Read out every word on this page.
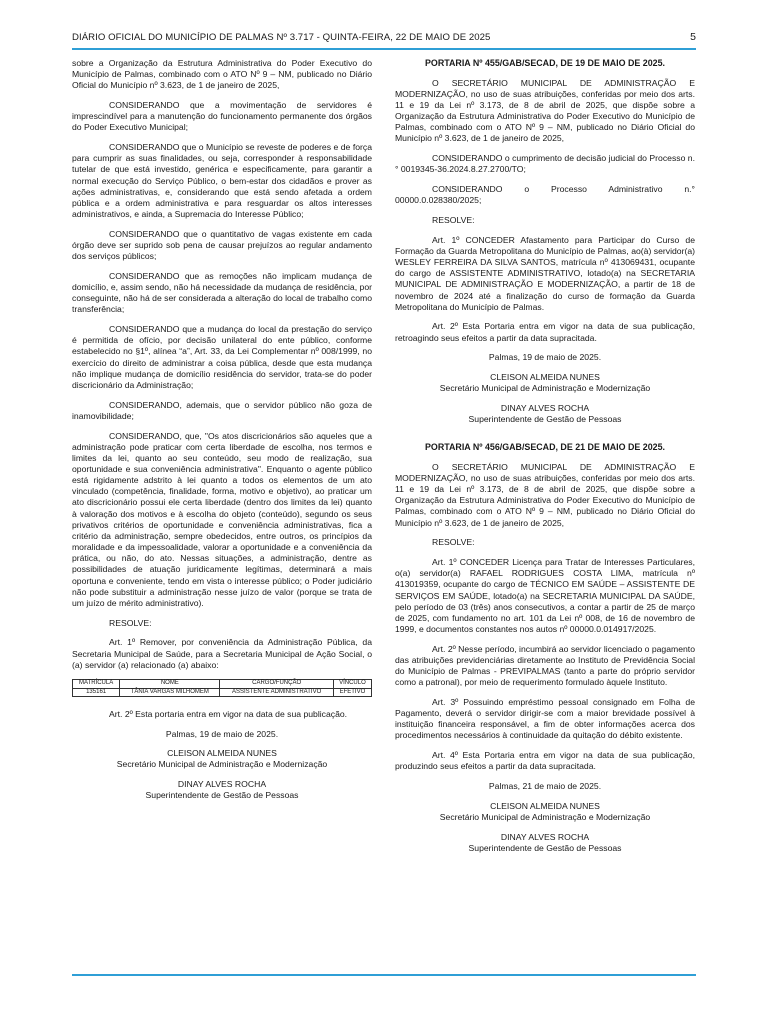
DIÁRIO OFICIAL DO MUNICÍPIO DE PALMAS Nº 3.717 - QUINTA-FEIRA, 22 DE MAIO DE 2025	5

sobre a Organização da Estrutura Administrativa do Poder Executivo do Município de Palmas, combinado com o ATO Nº 9 – NM, publicado no Diário Oficial do Município nº 3.623, de 1 de janeiro de 2025,

CONSIDERANDO que a movimentação de servidores é imprescindível para a manutenção do funcionamento permanente dos órgãos do Poder Executivo Municipal;

CONSIDERANDO que o Município se reveste de poderes e de força para cumprir as suas finalidades, ou seja, corresponder à responsabilidade tutelar de que está investido, genérica e especificamente, para garantir a normal execução do Serviço Público, o bem-estar dos cidadãos e prover as ações administrativas, e, considerando que está sendo afetada a ordem pública e a ordem administrativa e para resguardar os altos interesses administrativos, e ainda, a Supremacia do Interesse Público;

CONSIDERANDO que o quantitativo de vagas existente em cada órgão deve ser suprido sob pena de causar prejuízos ao regular andamento dos serviços públicos;

CONSIDERANDO que as remoções não implicam mudança de domicílio, e, assim sendo, não há necessidade da mudança de residência, por conseguinte, não há de ser considerada a alteração do local de trabalho como transferência;

CONSIDERANDO que a mudança do local da prestação do serviço é permitida de ofício, por decisão unilateral do ente público, conforme estabelecido no §1º, alínea “a”, Art. 33, da Lei Complementar nº 008/1999, no exercício do direito de administrar a coisa pública, desde que esta mudança não implique mudança de domicílio residência do servidor, trata-se do poder discricionário da Administração;

CONSIDERANDO, ademais, que o servidor público não goza de inamovibilidade;

CONSIDERANDO, que, "Os atos discricionários são aqueles que a administração pode praticar com certa liberdade de escolha, nos termos e limites da lei, quanto ao seu conteúdo, seu modo de realização, sua oportunidade e sua conveniência administrativa". Enquanto o agente público está rigidamente adstrito à lei quanto a todos os elementos de um ato vinculado (competência, finalidade, forma, motivo e objetivo), ao praticar um ato discricionário possui ele certa liberdade (dentro dos limites da lei) quanto à valoração dos motivos e à escolha do objeto (conteúdo), segundo os seus privativos critérios de oportunidade e conveniência administrativas, fica a critério da administração, sempre obedecidos, entre outros, os princípios da moralidade e da impessoalidade, valorar a oportunidade e a conveniência da prática, ou não, do ato. Nessas situações, a administração, dentre as possibilidades de atuação juridicamente legítimas, determinará a mais oportuna e conveniente, tendo em vista o interesse público; o Poder judiciário não pode substituir a administração nesse juízo de valor (porque se trata de um juízo de mérito administrativo).

RESOLVE:

Art. 1º Remover, por conveniência da Administração Pública, da Secretaria Municipal de Saúde, para a Secretaria Municipal de Ação Social, o (a) servidor (a) relacionado (a) abaixo:

MATRÍCULA	NOME	CARGO/FUNÇÃO	VÍNCULO
135161	TÂNIA VARGAS MILHOMEM	ASSISTENTE ADMINISTRATIVO	EFETIVO

Art. 2º Esta portaria entra em vigor na data de sua publicação.

Palmas, 19 de maio de 2025.

CLEISON ALMEIDA NUNES
Secretário Municipal de Administração e Modernização

DINAY ALVES ROCHA
Superintendente de Gestão de Pessoas

PORTARIA Nº 455/GAB/SECAD, DE 19 DE MAIO DE 2025.

O SECRETÁRIO MUNICIPAL DE ADMINISTRAÇÃO E MODERNIZAÇÃO, no uso de suas atribuições, conferidas por meio dos arts. 11 e 19 da Lei nº 3.173, de 8 de abril de 2025, que dispõe sobre a Organização da Estrutura Administrativa do Poder Executivo do Município de Palmas, combinado com o ATO Nº 9 – NM, publicado no Diário Oficial do Município nº 3.623, de 1 de janeiro de 2025,

CONSIDERANDO o cumprimento de decisão judicial do Processo n.° 0019345-36.2024.8.27.2700/TO;

CONSIDERANDO o Processo Administrativo n.° 00000.0.028380/2025;

RESOLVE:

Art. 1º CONCEDER Afastamento para Participar do Curso de Formação da Guarda Metropolitana do Município de Palmas, ao(à) servidor(a) WESLEY FERREIRA DA SILVA SANTOS, matrícula nº 413069431, ocupante do cargo de ASSISTENTE ADMINISTRATIVO, lotado(a) na SECRETARIA MUNICIPAL DE ADMINISTRAÇÃO E MODERNIZAÇÃO, a partir de 18 de novembro de 2024 até a finalização do curso de formação da Guarda Metropolitana do Município de Palmas.

Art. 2º Esta Portaria entra em vigor na data de sua publicação, retroagindo seus efeitos a partir da data supracitada.

Palmas, 19 de maio de 2025.

CLEISON ALMEIDA NUNES
Secretário Municipal de Administração e Modernização

DINAY ALVES ROCHA
Superintendente de Gestão de Pessoas

PORTARIA Nº 456/GAB/SECAD, DE 21 DE MAIO DE 2025.

O SECRETÁRIO MUNICIPAL DE ADMINISTRAÇÃO E MODERNIZAÇÃO, no uso de suas atribuições, conferidas por meio dos arts. 11 e 19 da Lei nº 3.173, de 8 de abril de 2025, que dispõe sobre a Organização da Estrutura Administrativa do Poder Executivo do Município de Palmas, combinado com o ATO Nº 9 – NM, publicado no Diário Oficial do Município nº 3.623, de 1 de janeiro de 2025,

RESOLVE:

Art. 1º CONCEDER Licença para Tratar de Interesses Particulares, o(a) servidor(a) RAFAEL RODRIGUES COSTA LIMA, matrícula nº 413019359, ocupante do cargo de TÉCNICO EM SAÚDE – ASSISTENTE DE SERVIÇOS EM SAÚDE, lotado(a) na SECRETARIA MUNICIPAL DA SAÚDE, pelo período de 03 (três) anos consecutivos, a contar a partir de 25 de março de 2025, com fundamento no art. 101 da Lei nº 008, de 16 de novembro de 1999, e documentos constantes nos autos nº 00000.0.014917/2025.

Art. 2º Nesse período, incumbirá ao servidor licenciado o pagamento das atribuições previdenciárias diretamente ao Instituto de Previdência Social do Município de Palmas - PREVIPALMAS (tanto a parte do próprio servidor como a patronal), por meio de requerimento formulado àquele Instituto.

Art. 3º Possuindo empréstimo pessoal consignado em Folha de Pagamento, deverá o servidor dirigir-se com a maior brevidade possível à instituição financeira responsável, a fim de obter informações acerca dos procedimentos necessários à continuidade da quitação do débito existente.

Art. 4º Esta Portaria entra em vigor na data de sua publicação, produzindo seus efeitos a partir da data supracitada.

Palmas, 21 de maio de 2025.

CLEISON ALMEIDA NUNES
Secretário Municipal de Administração e Modernização

DINAY ALVES ROCHA
Superintendente de Gestão de Pessoas
